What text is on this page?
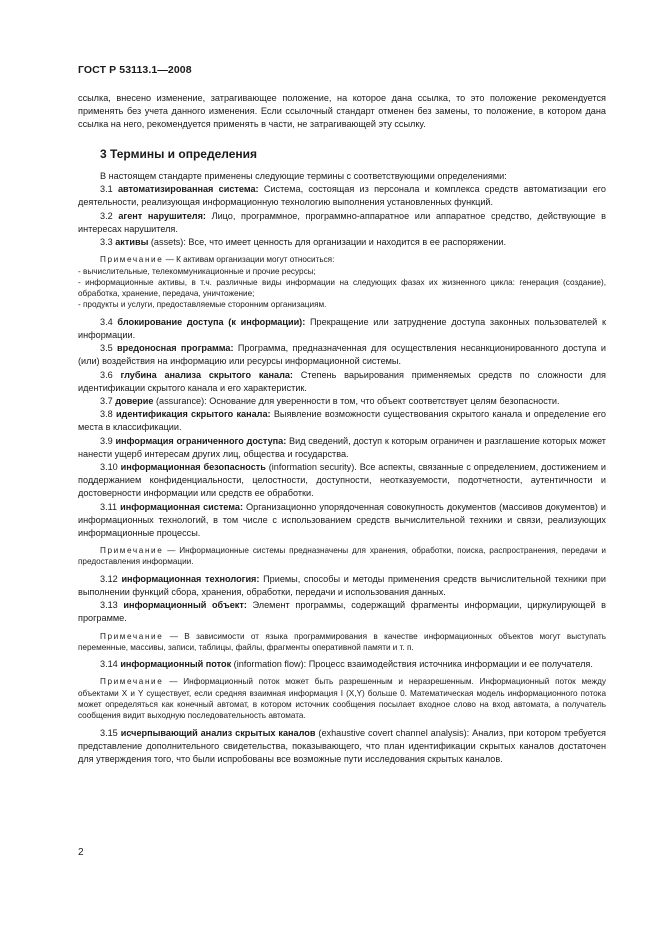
ГОСТ Р 53113.1—2008

ссылка, внесено изменение, затрагивающее положение, на которое дана ссылка, то это положение рекомендуется применять без учета данного изменения. Если ссылочный стандарт отменен без замены, то положение, в котором дана ссылка на него, рекомендуется применять в части, не затрагивающей эту ссылку.

3 Термины и определения

В настоящем стандарте применены следующие термины с соответствующими определениями:

3.1 автоматизированная система: Система, состоящая из персонала и комплекса средств автоматизации его деятельности, реализующая информационную технологию выполнения установленных функций.

3.2 агент нарушителя: Лицо, программное, программно-аппаратное или аппаратное средство, действующие в интересах нарушителя.

3.3 активы (assets): Все, что имеет ценность для организации и находится в ее распоряжении.

Примечание — К активам организации могут относиться:

- вычислительные, телекоммуникационные и прочие ресурсы;

- информационные активы, в т.ч. различные виды информации на следующих фазах их жизненного цикла: генерация (создание), обработка, хранение, передача, уничтожение;

- продукты и услуги, предоставляемые сторонним организациям.

3.4 блокирование доступа (к информации): Прекращение или затруднение доступа законных пользователей к информации.

3.5 вредоносная программа: Программа, предназначенная для осуществления несанкционированного доступа и (или) воздействия на информацию или ресурсы информационной системы.

3.6 глубина анализа скрытого канала: Степень варьирования применяемых средств по сложности для идентификации скрытого канала и его характеристик.

3.7 доверие (assurance): Основание для уверенности в том, что объект соответствует целям безопасности.

3.8 идентификация скрытого канала: Выявление возможности существования скрытого канала и определение его места в классификации.

3.9 информация ограниченного доступа: Вид сведений, доступ к которым ограничен и разглашение которых может нанести ущерб интересам других лиц, общества и государства.

3.10 информационная безопасность (information security). Все аспекты, связанные с определением, достижением и поддержанием конфиденциальности, целостности, доступности, неотказуемости, подотчетности, аутентичности и достоверности информации или средств ее обработки.

3.11 информационная система: Организационно упорядоченная совокупность документов (массивов документов) и информационных технологий, в том числе с использованием средств вычислительной техники и связи, реализующих информационные процессы.

Примечание — Информационные системы предназначены для хранения, обработки, поиска, распространения, передачи и предоставления информации.

3.12 информационная технология: Приемы, способы и методы применения средств вычислительной техники при выполнении функций сбора, хранения, обработки, передачи и использования данных.

3.13 информационный объект: Элемент программы, содержащий фрагменты информации, циркулирующей в программе.

Примечание — В зависимости от языка программирования в качестве информационных объектов могут выступать переменные, массивы, записи, таблицы, файлы, фрагменты оперативной памяти и т. п.

3.14 информационный поток (information flow): Процесс взаимодействия источника информации и ее получателя.

Примечание — Информационный поток может быть разрешенным и неразрешенным. Информационный поток между объектами X и Y существует, если средняя взаимная информация I (X,Y) больше 0. Математическая модель информационного потока может определяться как конечный автомат, в котором источник сообщения посылает входное слово на вход автомата, а получатель сообщения видит выходную последовательность автомата.

3.15 исчерпывающий анализ скрытых каналов (exhaustive covert channel analysis): Анализ, при котором требуется представление дополнительного свидетельства, показывающего, что план идентификации скрытых каналов достаточен для утверждения того, что были испробованы все возможные пути исследования скрытых каналов.

2
